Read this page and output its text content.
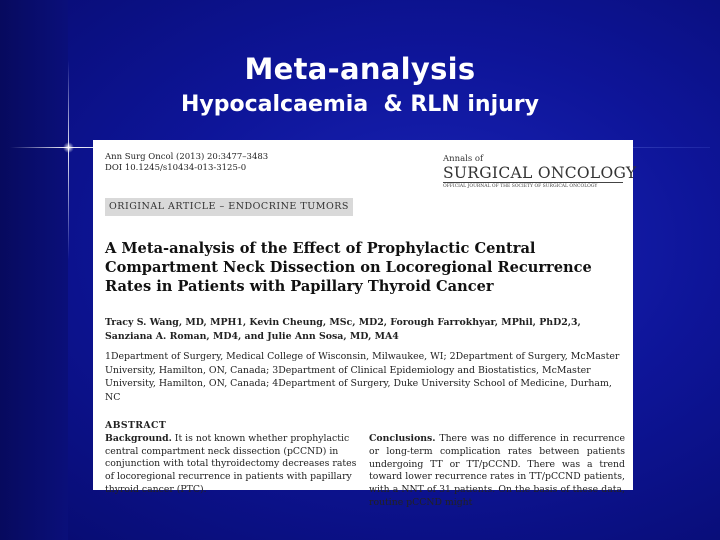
Meta-analysis
Hypocalcaemia  & RLN injury
Ann Surg Oncol (2013) 20:3477–3483
DOI 10.1245/s10434-013-3125-0
Annals of
SURGICAL ONCOLOGY
OFFICIAL JOURNAL OF THE SOCIETY OF SURGICAL ONCOLOGY
ORIGINAL ARTICLE – ENDOCRINE TUMORS
A Meta-analysis of the Effect of Prophylactic Central Compartment Neck Dissection on Locoregional Recurrence Rates in Patients with Papillary Thyroid Cancer
Tracy S. Wang, MD, MPH1, Kevin Cheung, MSc, MD2, Forough Farrokhyar, MPhil, PhD2,3, Sanziana A. Roman, MD4, and Julie Ann Sosa, MD, MA4
1Department of Surgery, Medical College of Wisconsin, Milwaukee, WI; 2Department of Surgery, McMaster University, Hamilton, ON, Canada; 3Department of Clinical Epidemiology and Biostatistics, McMaster University, Hamilton, ON, Canada; 4Department of Surgery, Duke University School of Medicine, Durham, NC
ABSTRACT
Background. It is not known whether prophylactic central compartment neck dissection (pCCND) in conjunction with total thyroidectomy decreases rates of locoregional recurrence in patients with papillary thyroid cancer (PTC).
Conclusions. There was no difference in recurrence or long-term complication rates between patients undergoing TT or TT/pCCND. There was a trend toward lower recurrence rates in TT/pCCND patients, with a NNT of 31 patients. On the basis of these data, routine pCCND might
